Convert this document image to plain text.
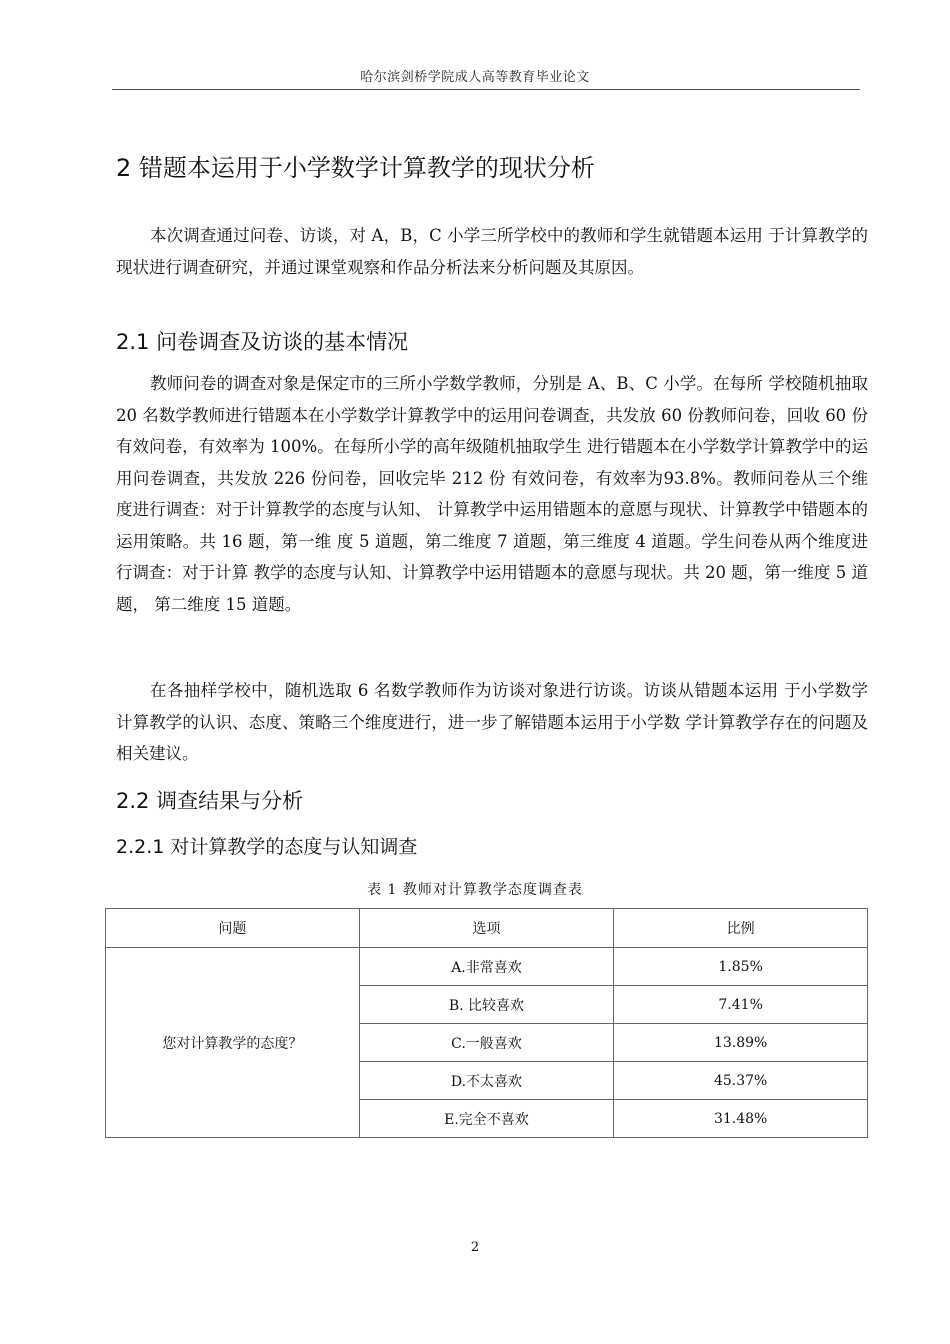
哈尔滨剑桥学院成人高等教育毕业论文
2 错题本运用于小学数学计算教学的现状分析

本次调查通过问卷、访谈，对 A，B，C 小学三所学校中的教师和学生就错题本运用 于计算教学的现状进行调查研究，并通过课堂观察和作品分析法来分析问题及其原因。

2.1 问卷调查及访谈的基本情况

教师问卷的调查对象是保定市的三所小学数学教师，分别是 A、B、C 小学。在每所 学校随机抽取 20 名数学教师进行错题本在小学数学计算教学中的运用问卷调查，共发放 60 份教师问卷，回收 60 份有效问卷，有效率为 100%。在每所小学的高年级随机抽取学生 进行错题本在小学数学计算教学中的运用问卷调查，共发放 226 份问卷，回收完毕 212 份 有效问卷，有效率为93.8%。教师问卷从三个维度进行调查：对于计算教学的态度与认知、 计算教学中运用错题本的意愿与现状、计算教学中错题本的运用策略。共 16 题，第一维 度 5 道题，第二维度 7 道题，第三维度 4 道题。学生问卷从两个维度进行调查：对于计算 教学的态度与认知、计算教学中运用错题本的意愿与现状。共 20 题，第一维度 5 道题， 第二维度 15 道题。

在各抽样学校中，随机选取 6 名数学教师作为访谈对象进行访谈。访谈从错题本运用 于小学数学计算教学的认识、态度、策略三个维度进行，进一步了解错题本运用于小学数 学计算教学存在的问题及相关建议。

2.2 调查结果与分析
2.2.1 对计算教学的态度与认知调查
表 1 教师对计算教学态度调查表
问题	选项	比例
您对计算教学的态度？	A.非常喜欢	1.85%
	B. 比较喜欢	7.41%
	C.一般喜欢	13.89%
	D.不太喜欢	45.37%
	E.完全不喜欢	31.48%
2
